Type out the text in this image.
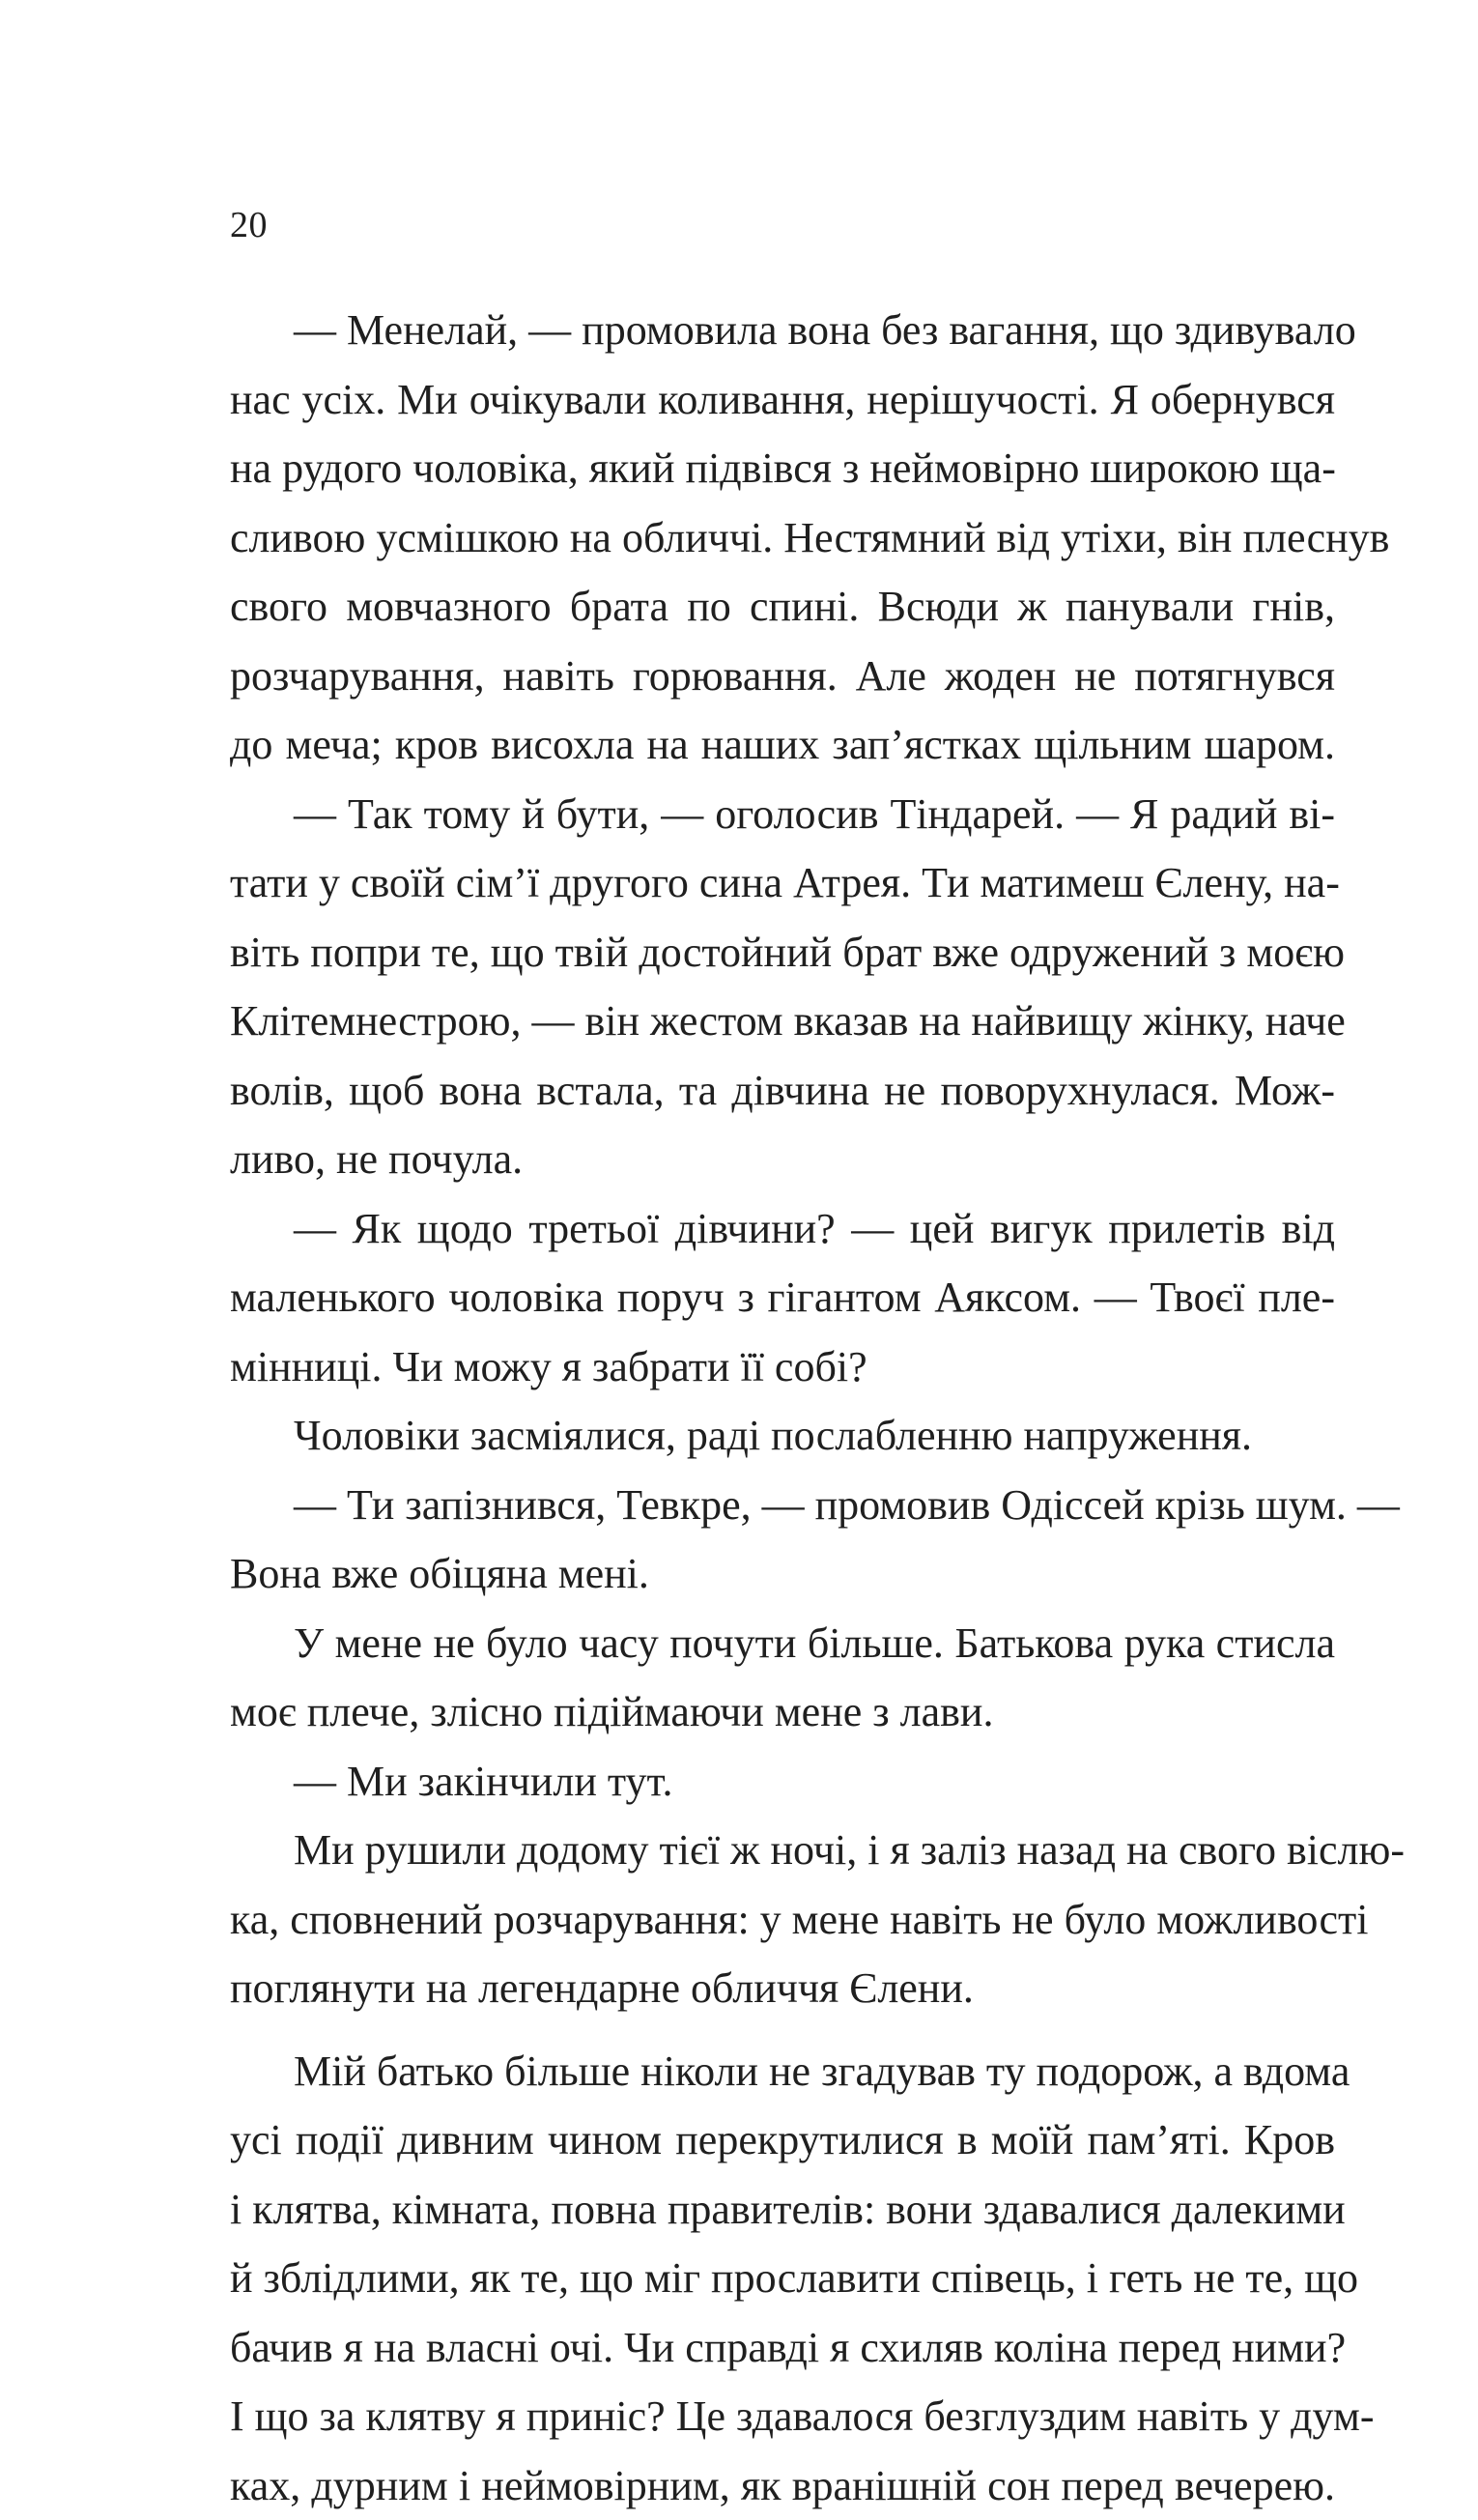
20
— Менелай, — промовила вона без вагання, що здивувало
нас усіх. Ми очікували коливання, нерішучості. Я обернувся
на рудого чоловіка, який підвівся з неймовірно широкою ща-
сливою усмішкою на обличчі. Нестямний від утіхи, він плеснув
свого мовчазного брата по спині. Всюди ж панували гнів,
розчарування, навіть горювання. Але жоден не потягнувся
до меча; кров висохла на наших зап’ястках щільним шаром.
— Так тому й бути, — оголосив Тіндарей. — Я радий ві-
тати у своїй сім’ї другого сина Атрея. Ти матимеш Єлену, на-
віть попри те, що твій достойний брат вже одружений з моєю
Клітемнестрою, — він жестом вказав на найвищу жінку, наче
волів, щоб вона встала, та дівчина не поворухнулася. Мож-
ливо, не почула.
— Як щодо третьої дівчини? — цей вигук прилетів від
маленького чоловіка поруч з гігантом Аяксом. — Твоєї пле-
мінниці. Чи можу я забрати її собі?
Чоловіки засміялися, раді послабленню напруження.
— Ти запізнився, Тевкре, — промовив Одіссей крізь шум. —
Вона вже обіцяна мені.
У мене не було часу почути більше. Батькова рука стисла
моє плече, злісно підіймаючи мене з лави.
— Ми закінчили тут.
Ми рушили додому тієї ж ночі, і я заліз назад на свого віслю-
ка, сповнений розчарування: у мене навіть не було можливості
поглянути на легендарне обличчя Єлени.
Мій батько більше ніколи не згадував ту подорож, а вдома
усі події дивним чином перекрутилися в моїй пам’яті. Кров
і клятва, кімната, повна правителів: вони здавалися далекими
й зблідлими, як те, що міг прославити співець, і геть не те, що
бачив я на власні очі. Чи справді я схиляв коліна перед ними?
І що за клятву я приніс? Це здавалося безглуздим навіть у дум-
ках, дурним і неймовірним, як вранішній сон перед вечерею.
